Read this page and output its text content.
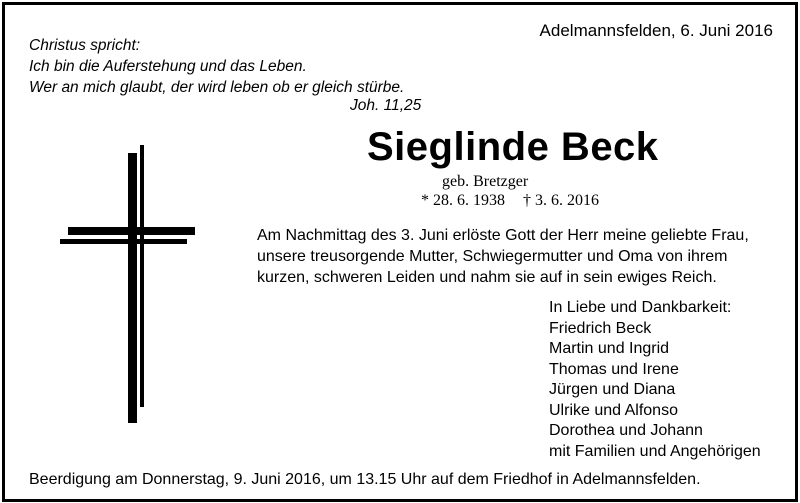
Adelmannsfelden, 6. Juni 2016
Christus spricht:
Ich bin die Auferstehung und das Leben.
Wer an mich glaubt, der wird leben ob er gleich stürbe.
Joh. 11,25
Sieglinde Beck
geb. Bretzger
* 28. 6. 1938 † 3. 6. 2016
Am Nachmittag des 3. Juni erlöste Gott der Herr meine geliebte Frau,
unsere treusorgende Mutter, Schwiegermutter und Oma von ihrem
kurzen, schweren Leiden und nahm sie auf in sein ewiges Reich.
In Liebe und Dankbarkeit:
Friedrich Beck
Martin und Ingrid
Thomas und Irene
Jürgen und Diana
Ulrike und Alfonso
Dorothea und Johann
mit Familien und Angehörigen
Beerdigung am Donnerstag, 9. Juni 2016, um 13.15 Uhr auf dem Friedhof in Adelmannsfelden.
